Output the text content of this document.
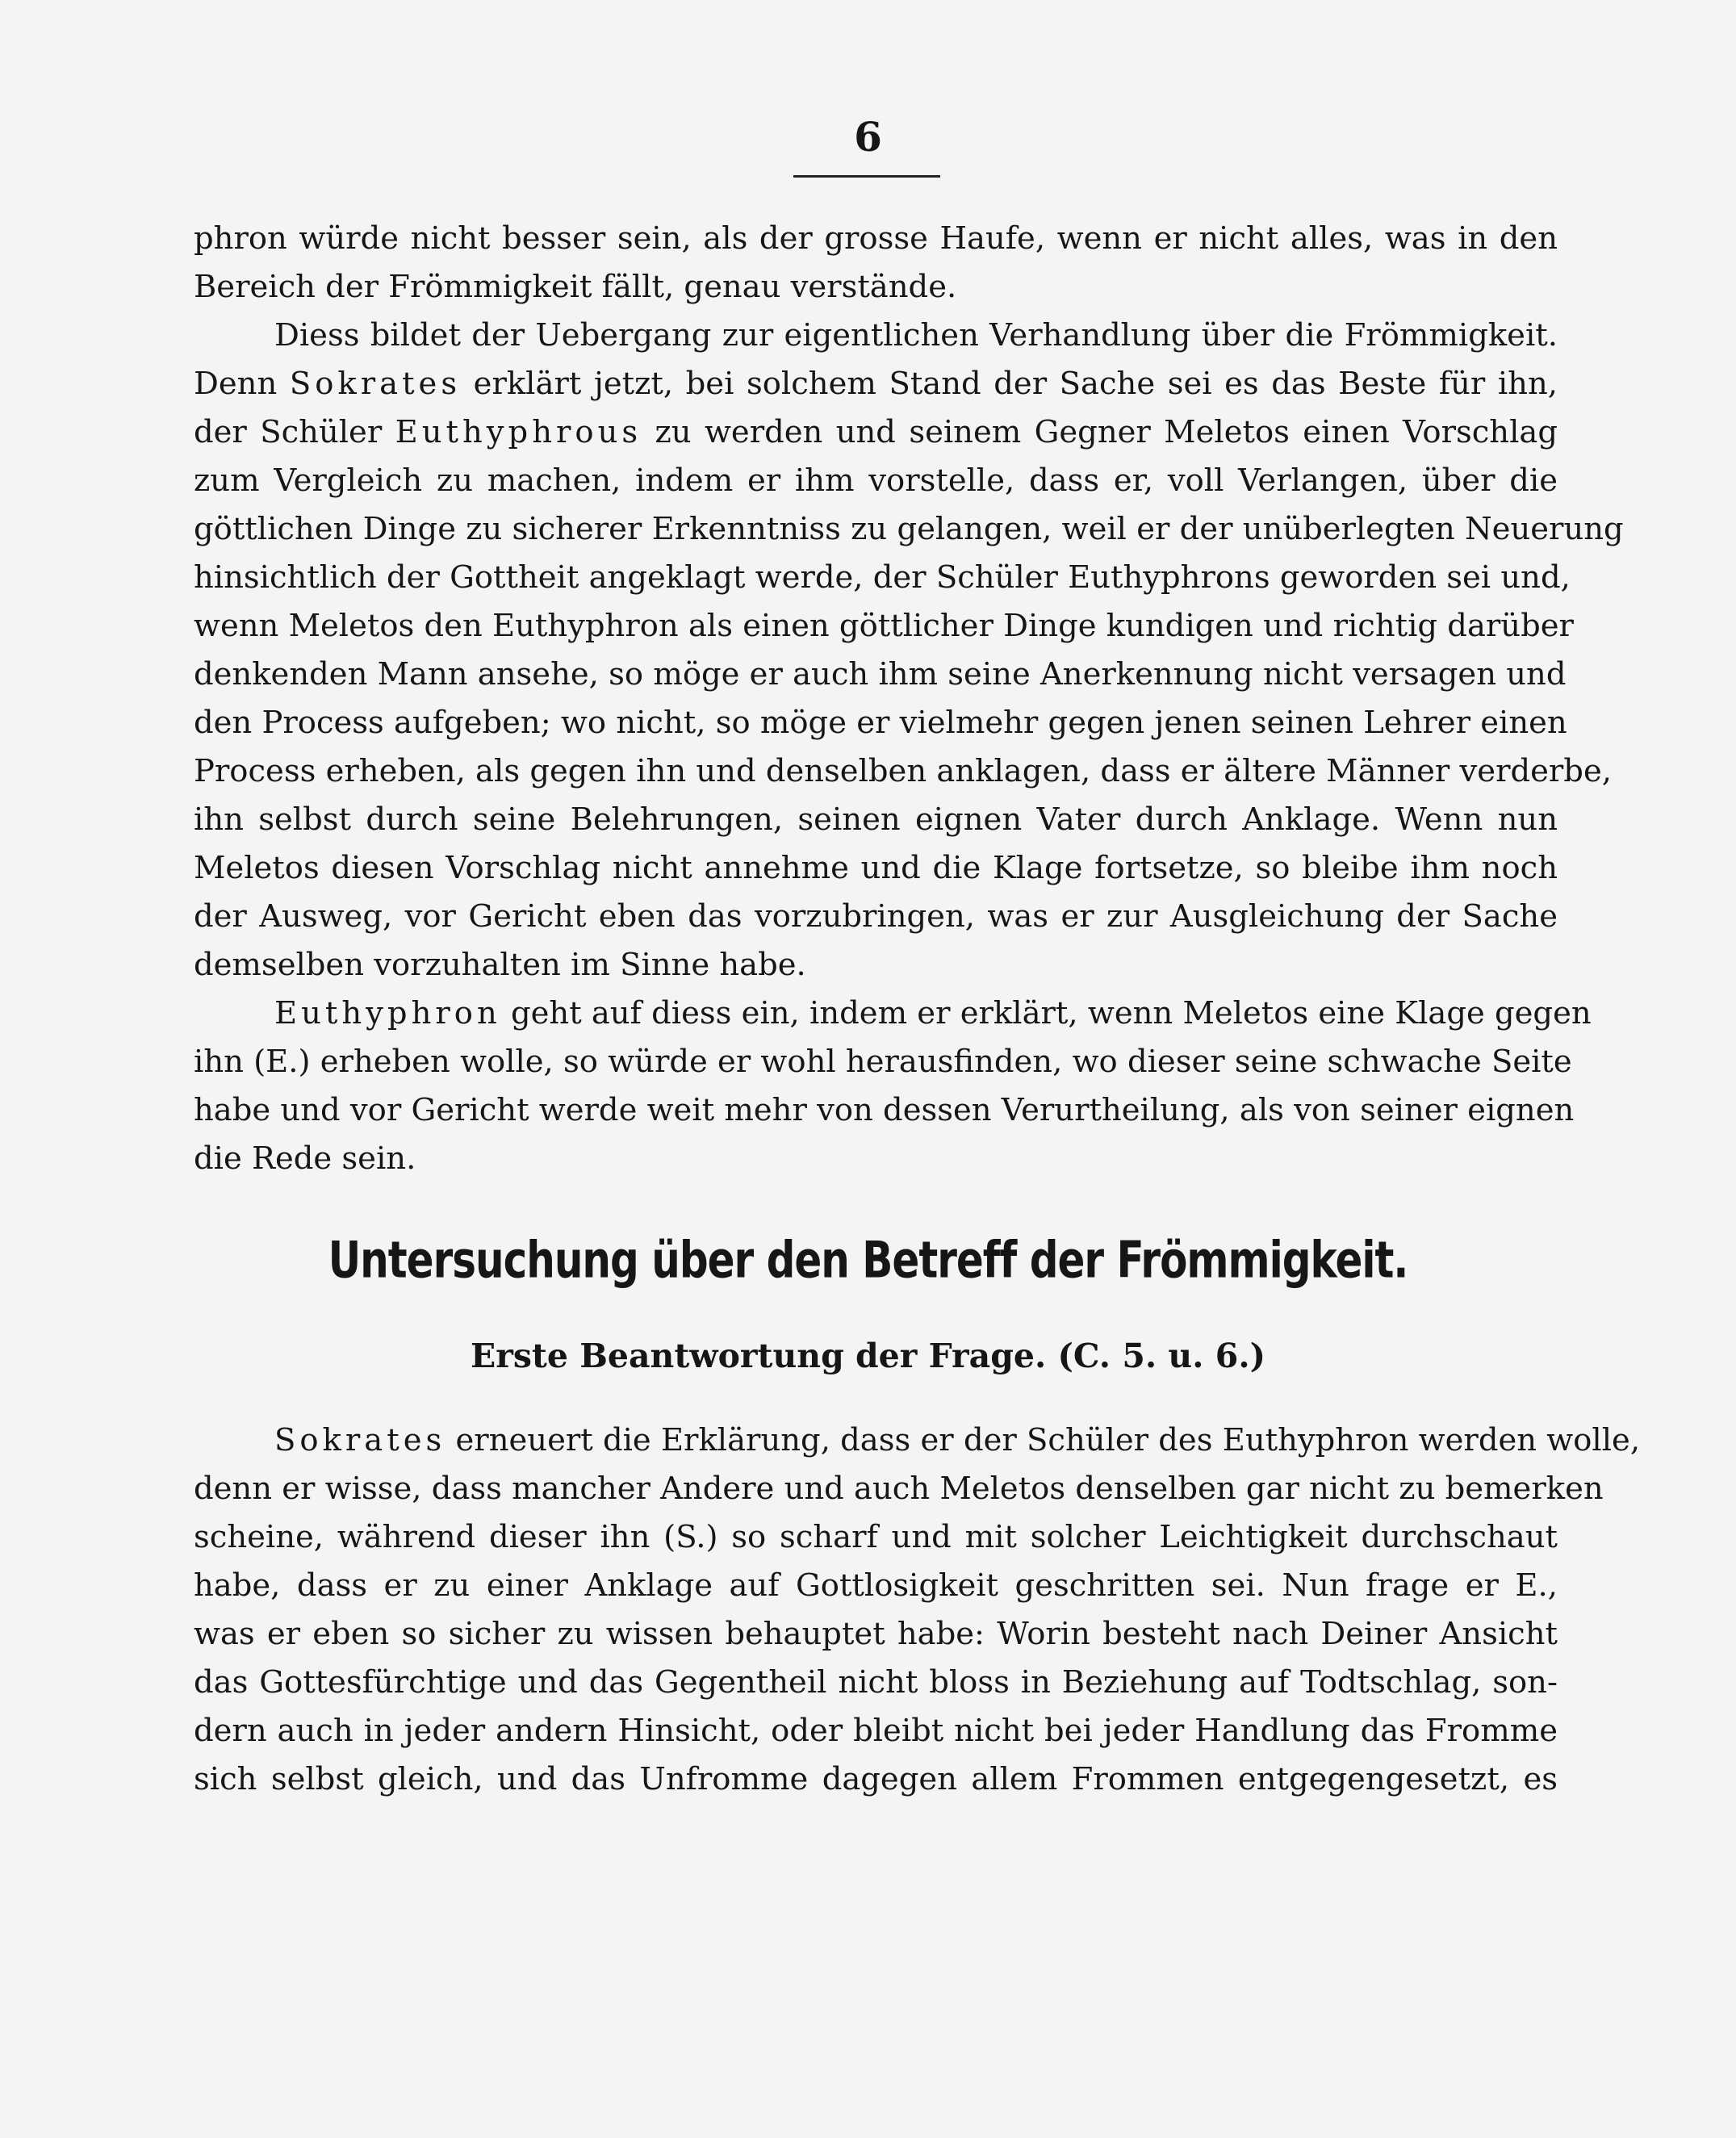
6
phron würde nicht besser sein, als der grosse Haufe, wenn er nicht alles, was in den
Bereich der Frömmigkeit fällt, genau verstände.
Diess bildet der Uebergang zur eigentlichen Verhandlung über die Frömmigkeit.
Denn Sokrates erklärt jetzt, bei solchem Stand der Sache sei es das Beste für ihn,
der Schüler Euthyphrous zu werden und seinem Gegner Meletos einen Vorschlag
zum Vergleich zu machen, indem er ihm vorstelle, dass er, voll Verlangen, über die
göttlichen Dinge zu sicherer Erkenntniss zu gelangen, weil er der unüberlegten Neuerung
hinsichtlich der Gottheit angeklagt werde, der Schüler Euthyphrons geworden sei und,
wenn Meletos den Euthyphron als einen göttlicher Dinge kundigen und richtig darüber
denkenden Mann ansehe, so möge er auch ihm seine Anerkennung nicht versagen und
den Process aufgeben; wo nicht, so möge er vielmehr gegen jenen seinen Lehrer einen
Process erheben, als gegen ihn und denselben anklagen, dass er ältere Männer verderbe,
ihn selbst durch seine Belehrungen, seinen eignen Vater durch Anklage. Wenn nun
Meletos diesen Vorschlag nicht annehme und die Klage fortsetze, so bleibe ihm noch
der Ausweg, vor Gericht eben das vorzubringen, was er zur Ausgleichung der Sache
demselben vorzuhalten im Sinne habe.
Euthyphron geht auf diess ein, indem er erklärt, wenn Meletos eine Klage gegen
ihn (E.) erheben wolle, so würde er wohl herausfinden, wo dieser seine schwache Seite
habe und vor Gericht werde weit mehr von dessen Verurtheilung, als von seiner eignen
die Rede sein.
Untersuchung über den Betreff der Frömmigkeit.
Erste Beantwortung der Frage. (C. 5. u. 6.)
Sokrates erneuert die Erklärung, dass er der Schüler des Euthyphron werden wolle,
denn er wisse, dass mancher Andere und auch Meletos denselben gar nicht zu bemerken
scheine, während dieser ihn (S.) so scharf und mit solcher Leichtigkeit durchschaut
habe, dass er zu einer Anklage auf Gottlosigkeit geschritten sei. Nun frage er E.,
was er eben so sicher zu wissen behauptet habe: Worin besteht nach Deiner Ansicht
das Gottesfürchtige und das Gegentheil nicht bloss in Beziehung auf Todtschlag, son-
dern auch in jeder andern Hinsicht, oder bleibt nicht bei jeder Handlung das Fromme
sich selbst gleich, und das Unfromme dagegen allem Frommen entgegengesetzt, es
